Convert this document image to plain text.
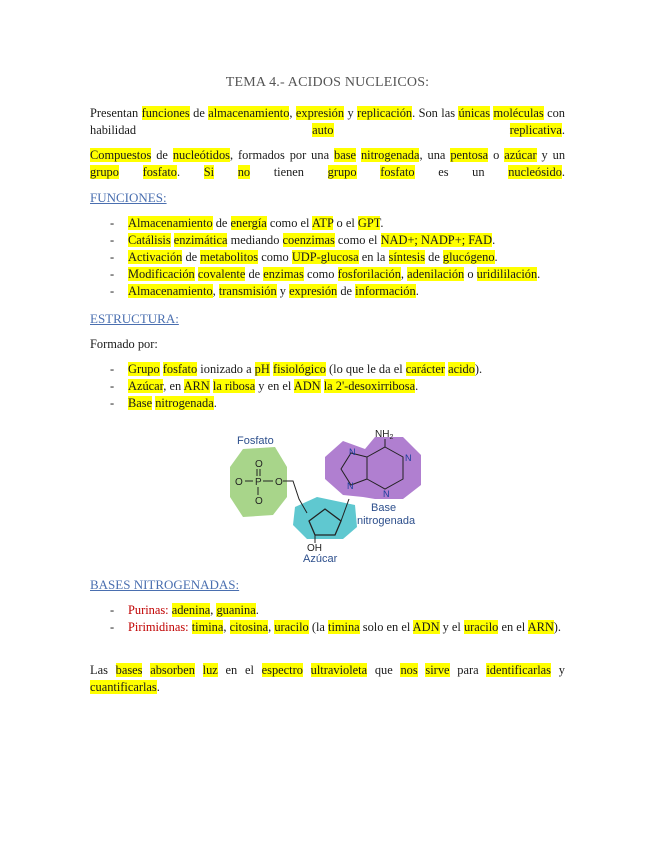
TEMA 4.- ACIDOS NUCLEICOS:
Presentan funciones de almacenamiento, expresión y replicación. Son las únicas moléculas con habilidad auto	replicativa.
Compuestos de nucleótidos, formados por una base nitrogenada, una pentosa o azúcar y un grupo fosfato. Si no tienen grupo fosfato es un nucleósido.
FUNCIONES:
- Almacenamiento de energía como el ATP o el GPT.
- Catálisis enzimática mediando coenzimas como el NAD+; NADP+; FAD.
- Activación de metabolitos como UDP-glucosa en la síntesis de glucógeno.
- Modificación covalente de enzimas como fosforilación, adenilación o uridililación.
- Almacenamiento, transmisión y expresión de información.
ESTRUCTURA:
Formado por:
- Grupo fosfato ionizado a pH fisiológico (lo que le da el carácter acido).
- Azúcar, en ARN la ribosa y en el ADN la 2'-desoxirribosa.
- Base nitrogenada.
Fosfato
Base
nitrogenada
Azúcar
OH
$NH_2$
O
P
O	O
O
N
N
N
N
BASES NITROGENADAS:
- Purinas: adenina, guanina.
- Pirimidinas: timina, citosina, uracilo (la timina solo en el ADN y el uracilo en el ARN).
Las bases absorben luz en el espectro ultravioleta que nos sirve para identificarlas y cuantificarlas.
